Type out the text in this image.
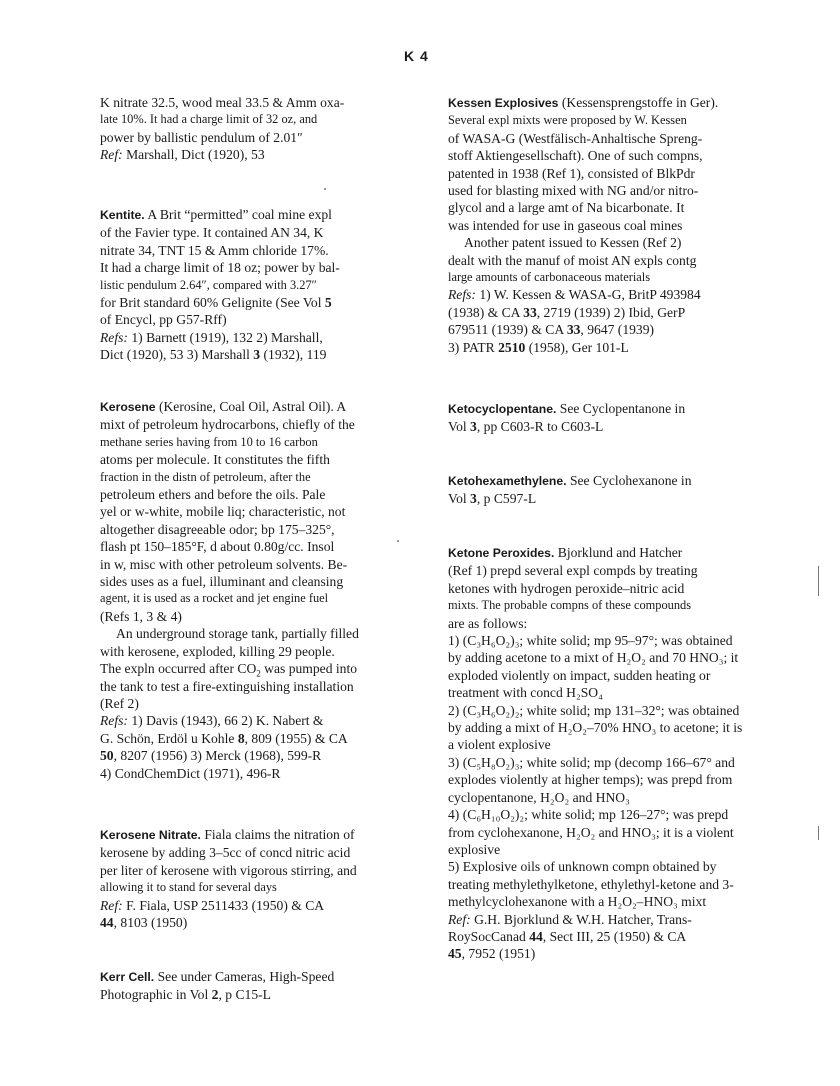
K 4
K nitrate 32.5, wood meal 33.5 & Amm oxa-
late 10%. It had a charge limit of 32 oz, and
power by ballistic pendulum of 2.01″
Ref: Marshall, Dict (1920), 53
Kentite. A Brit “permitted” coal mine expl
of the Favier type. It contained AN 34, K
nitrate 34, TNT 15 & Amm chloride 17%.
It had a charge limit of 18 oz; power by bal-
listic pendulum 2.64″, compared with 3.27″
for Brit standard 60% Gelignite (See Vol 5
of Encycl, pp G57-Rff)
Refs: 1) Barnett (1919), 132 2) Marshall,
Dict (1920), 53 3) Marshall 3 (1932), 119
Kerosene (Kerosine, Coal Oil, Astral Oil). A
mixt of petroleum hydrocarbons, chiefly of the
methane series having from 10 to 16 carbon
atoms per molecule. It constitutes the fifth
fraction in the distn of petroleum, after the
petroleum ethers and before the oils. Pale
yel or w-white, mobile liq; characteristic, not
altogether disagreeable odor; bp 175–325°,
flash pt 150–185°F, d about 0.80g/cc. Insol
in w, misc with other petroleum solvents. Be-
sides uses as a fuel, illuminant and cleansing
agent, it is used as a rocket and jet engine fuel
(Refs 1, 3 & 4)
An underground storage tank, partially filled
with kerosene, exploded, killing 29 people.
The expln occurred after $CO_2$ was pumped into
the tank to test a fire-extinguishing installation
(Ref 2)
Refs: 1) Davis (1943), 66 2) K. Nabert &
G. Schön, Erdöl u Kohle 8, 809 (1955) & CA
50, 8207 (1956) 3) Merck (1968), 599-R
4) CondChemDict (1971), 496-R
Kerosene Nitrate. Fiala claims the nitration of
kerosene by adding 3–5cc of concd nitric acid
per liter of kerosene with vigorous stirring, and
allowing it to stand for several days
Ref: F. Fiala, USP 2511433 (1950) & CA
44, 8103 (1950)
Kerr Cell. See under Cameras, High-Speed
Photographic in Vol 2, p C15-L
Kessen Explosives (Kessensprengstoffe in Ger).
Several expl mixts were proposed by W. Kessen
of WASA-G (Westfälisch-Anhaltische Spreng-
stoff Aktiengesellschaft). One of such compns,
patented in 1938 (Ref 1), consisted of BlkPdr
used for blasting mixed with NG and/or nitro-
glycol and a large amt of Na bicarbonate. It
was intended for use in gaseous coal mines
Another patent issued to Kessen (Ref 2)
dealt with the manuf of moist AN expls contg
large amounts of carbonaceous materials
Refs: 1) W. Kessen & WASA-G, BritP 493984
(1938) & CA 33, 2719 (1939) 2) Ibid, GerP
679511 (1939) & CA 33, 9647 (1939)
3) PATR 2510 (1958), Ger 101-L
Ketocyclopentane. See Cyclopentanone in
Vol 3, pp C603-R to C603-L
Ketohexamethylene. See Cyclohexanone in
Vol 3, p C597-L
Ketone Peroxides. Bjorklund and Hatcher
(Ref 1) prepd several expl compds by treating
ketones with hydrogen peroxide–nitric acid
mixts. The probable compns of these compounds
are as follows:
1) (C₃H₆O₂)₃; white solid; mp 95–97°; was obtained by adding acetone to a mixt of H₂O₂ and 70 HNO₃; it exploded violently on impact, sudden heating or treatment with concd H₂SO₄
2) (C₃H₆O₂)₂; white solid; mp 131–32°; was obtained by adding a mixt of H₂O₂–70% HNO₃ to acetone; it is a violent explosive
3) (C₅H₈O₂)₃; white solid; mp (decomp 166–67° and explodes violently at higher temps); was prepd from cyclopentanone, H₂O₂ and HNO₃
4) (C₆H₁₀O₂)₂; white solid; mp 126–27°; was prepd from cyclohexanone, H₂O₂ and HNO₃; it is a violent explosive
5) Explosive oils of unknown compn obtained by treating methylethylketone, ethylethyl-ketone and 3-methylcyclohexanone with a H₂O₂–HNO₃ mixt
Ref: G.H. Bjorklund & W.H. Hatcher, Trans-
RoySocCanad 44, Sect III, 25 (1950) & CA
45, 7952 (1951)
